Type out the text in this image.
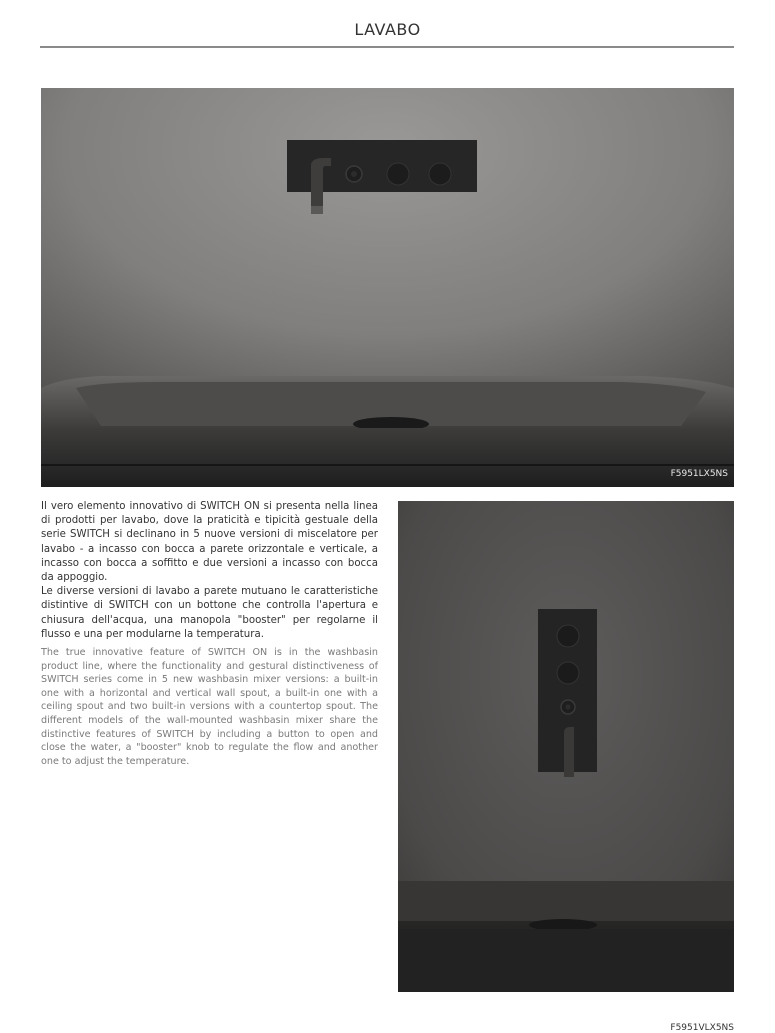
LAVABO
F5951LX5NS

Il vero elemento innovativo di SWITCH ON si presenta nella linea di prodotti per lavabo, dove la praticità e tipicità gestuale della serie SWITCH si declinano in 5 nuove versioni di miscelatore per lavabo - a incasso con bocca a parete orizzontale e verticale, a incasso con bocca a soffitto e due versioni a incasso con bocca da appoggio.

Le diverse versioni di lavabo a parete mutuano le caratteristiche distintive di SWITCH con un bottone che controlla l'apertura e chiusura dell'acqua, una manopola "booster" per regolarne il flusso e una per modularne la temperatura.

The true innovative feature of SWITCH ON is in the washbasin product line, where the functionality and gestural distinctiveness of SWITCH series come in 5 new washbasin mixer versions: a built-in one with a horizontal and vertical wall spout, a built-in one with a ceiling spout and two built-in versions with a countertop spout. The different models of the wall-mounted washbasin mixer share the distinctive features of SWITCH by including a button to open and close the water, a "booster" knob to regulate the flow and another one to adjust the temperature.

F5951VLX5NS
